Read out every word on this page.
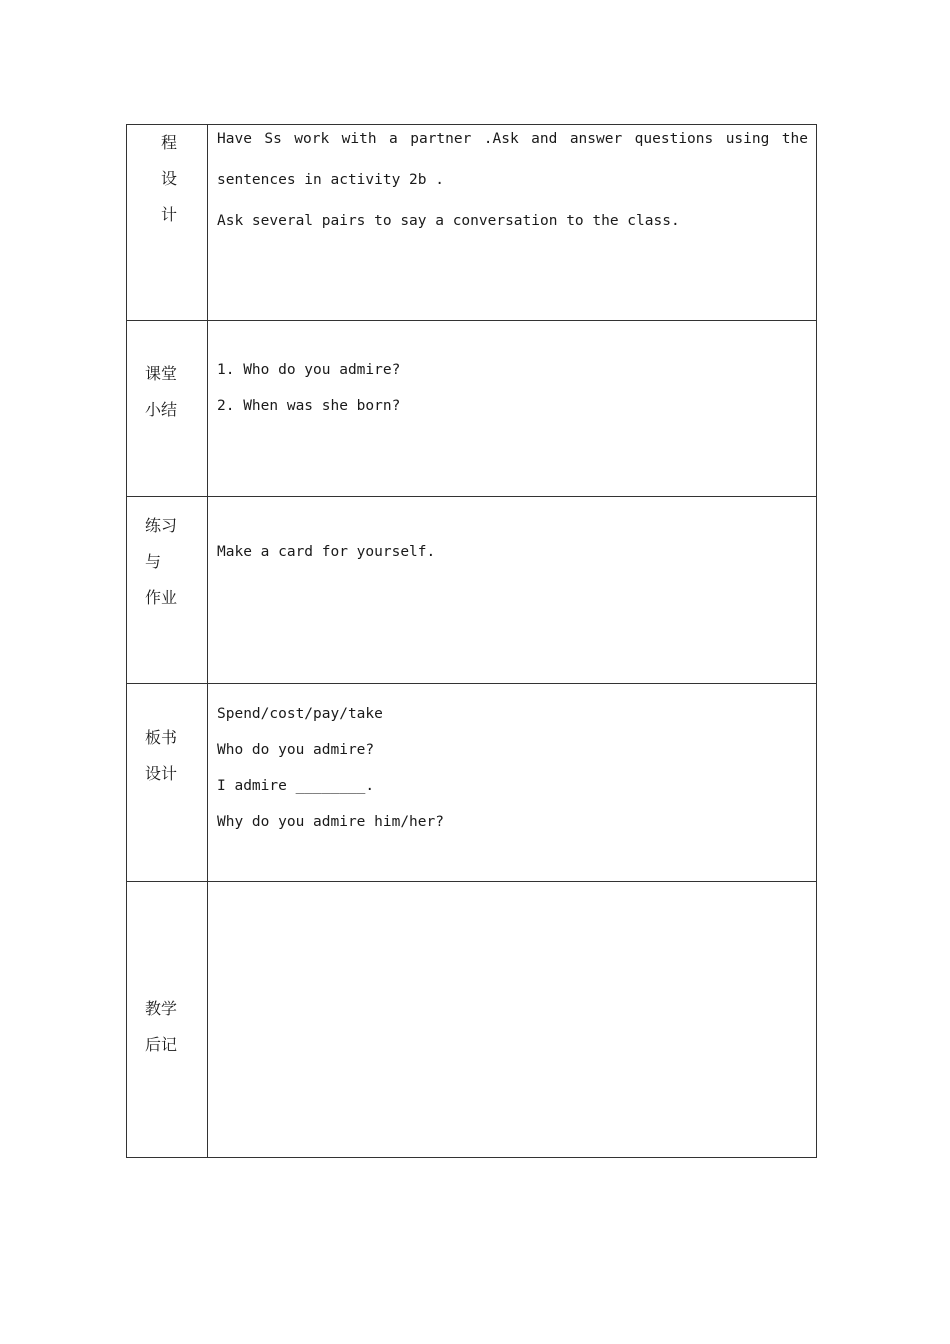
程
设
计	Have Ss work with a partner .Ask and answer questions using the
sentences in activity 2b .
Ask several pairs to say a conversation to the class.

课堂
小结	1. Who do you admire?
2. When was she born?

练习
与
作业	Make a card for yourself.

板书
设计	Spend/cost/pay/take
Who do you admire?
I admire ________.
Why do you admire him/her?

教学
后记	
